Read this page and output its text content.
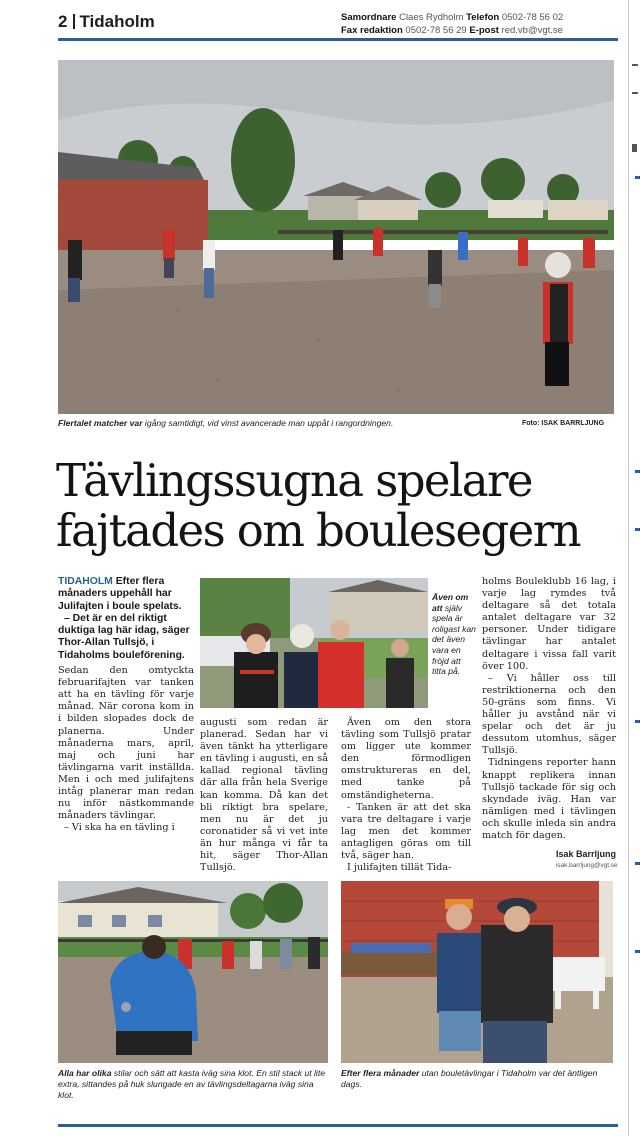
2 Tidaholm	Samordnare Claes Rydholm Telefon 0502-78 56 02
Fax redaktion 0502-78 56 29 E-post red.vb@vgt.se
Flertalet matcher var igång samtidigt, vid vinst avancerade man uppåt i rangordningen.	Foto: ISAK BARRLJUNG
Tävlingssugna spelare
fajtades om boulesegern

TIDAHOLM Efter flera månaders uppehåll har Julifajten i boule spelats.

– Det är en del riktigt duktiga lag här idag, säger Thor-Allan Tullsjö, i Tidaholms bouleförening.

Sedan den omtyckta februarifajten var tanken att ha en tävling för varje månad. När corona kom in i bilden slopades dock de planerna. Under månaderna mars, april, maj och juni har tävlingarna varit inställda. Men i och med julifajtens intåg planerar man redan nu inför nästkommande månaders tävlingar.

– Vi ska ha en tävling i

Även om att själv spela är roligast kan det även vara en fröjd att titta på.

augusti som redan är planerad. Sedan har vi även tänkt ha ytterligare en tävling i augusti, en så kallad regional tävling där alla från hela Sverige kan komma. Då kan det bli riktigt bra spelare, men nu är det ju coronatider så vi vet inte än hur många vi får ta hit, säger Thor-Allan Tullsjö.

Även om den stora tävling som Tullsjö pratar om ligger ute kommer den förmodligen omstruktureras en del, med tanke på omständigheterna.

- Tanken är att det ska vara tre deltagare i varje lag men det kommer antagligen göras om till två, säger han.

I julifajten tillät Tida-

holms Bouleklubb 16 lag, i varje lag rymdes två deltagare så det totala antalet deltagare var 32 personer. Under tidigare tävlingar har antalet deltagare i vissa fall varit över 100.

– Vi håller oss till restriktionerna och den 50-gräns som finns. Vi håller ju avstånd när vi spelar och det är ju dessutom utomhus, säger Tullsjö.

Tidningens reporter hann knappt replikera innan Tullsjö tackade för sig och skyndade iväg. Han var nämligen med i tävlingen och skulle inleda sin andra match för dagen.

Isak Barrljung
isak.barrljung@vgt.se
Alla har olika stilar och sätt att kasta iväg sina klot. En stil stack ut lite extra, sittandes på huk slungade en av tävlingsdeltagarna iväg sina klot.
Efter flera månader utan bouletävlingar i Tidaholm var det äntligen dags.
